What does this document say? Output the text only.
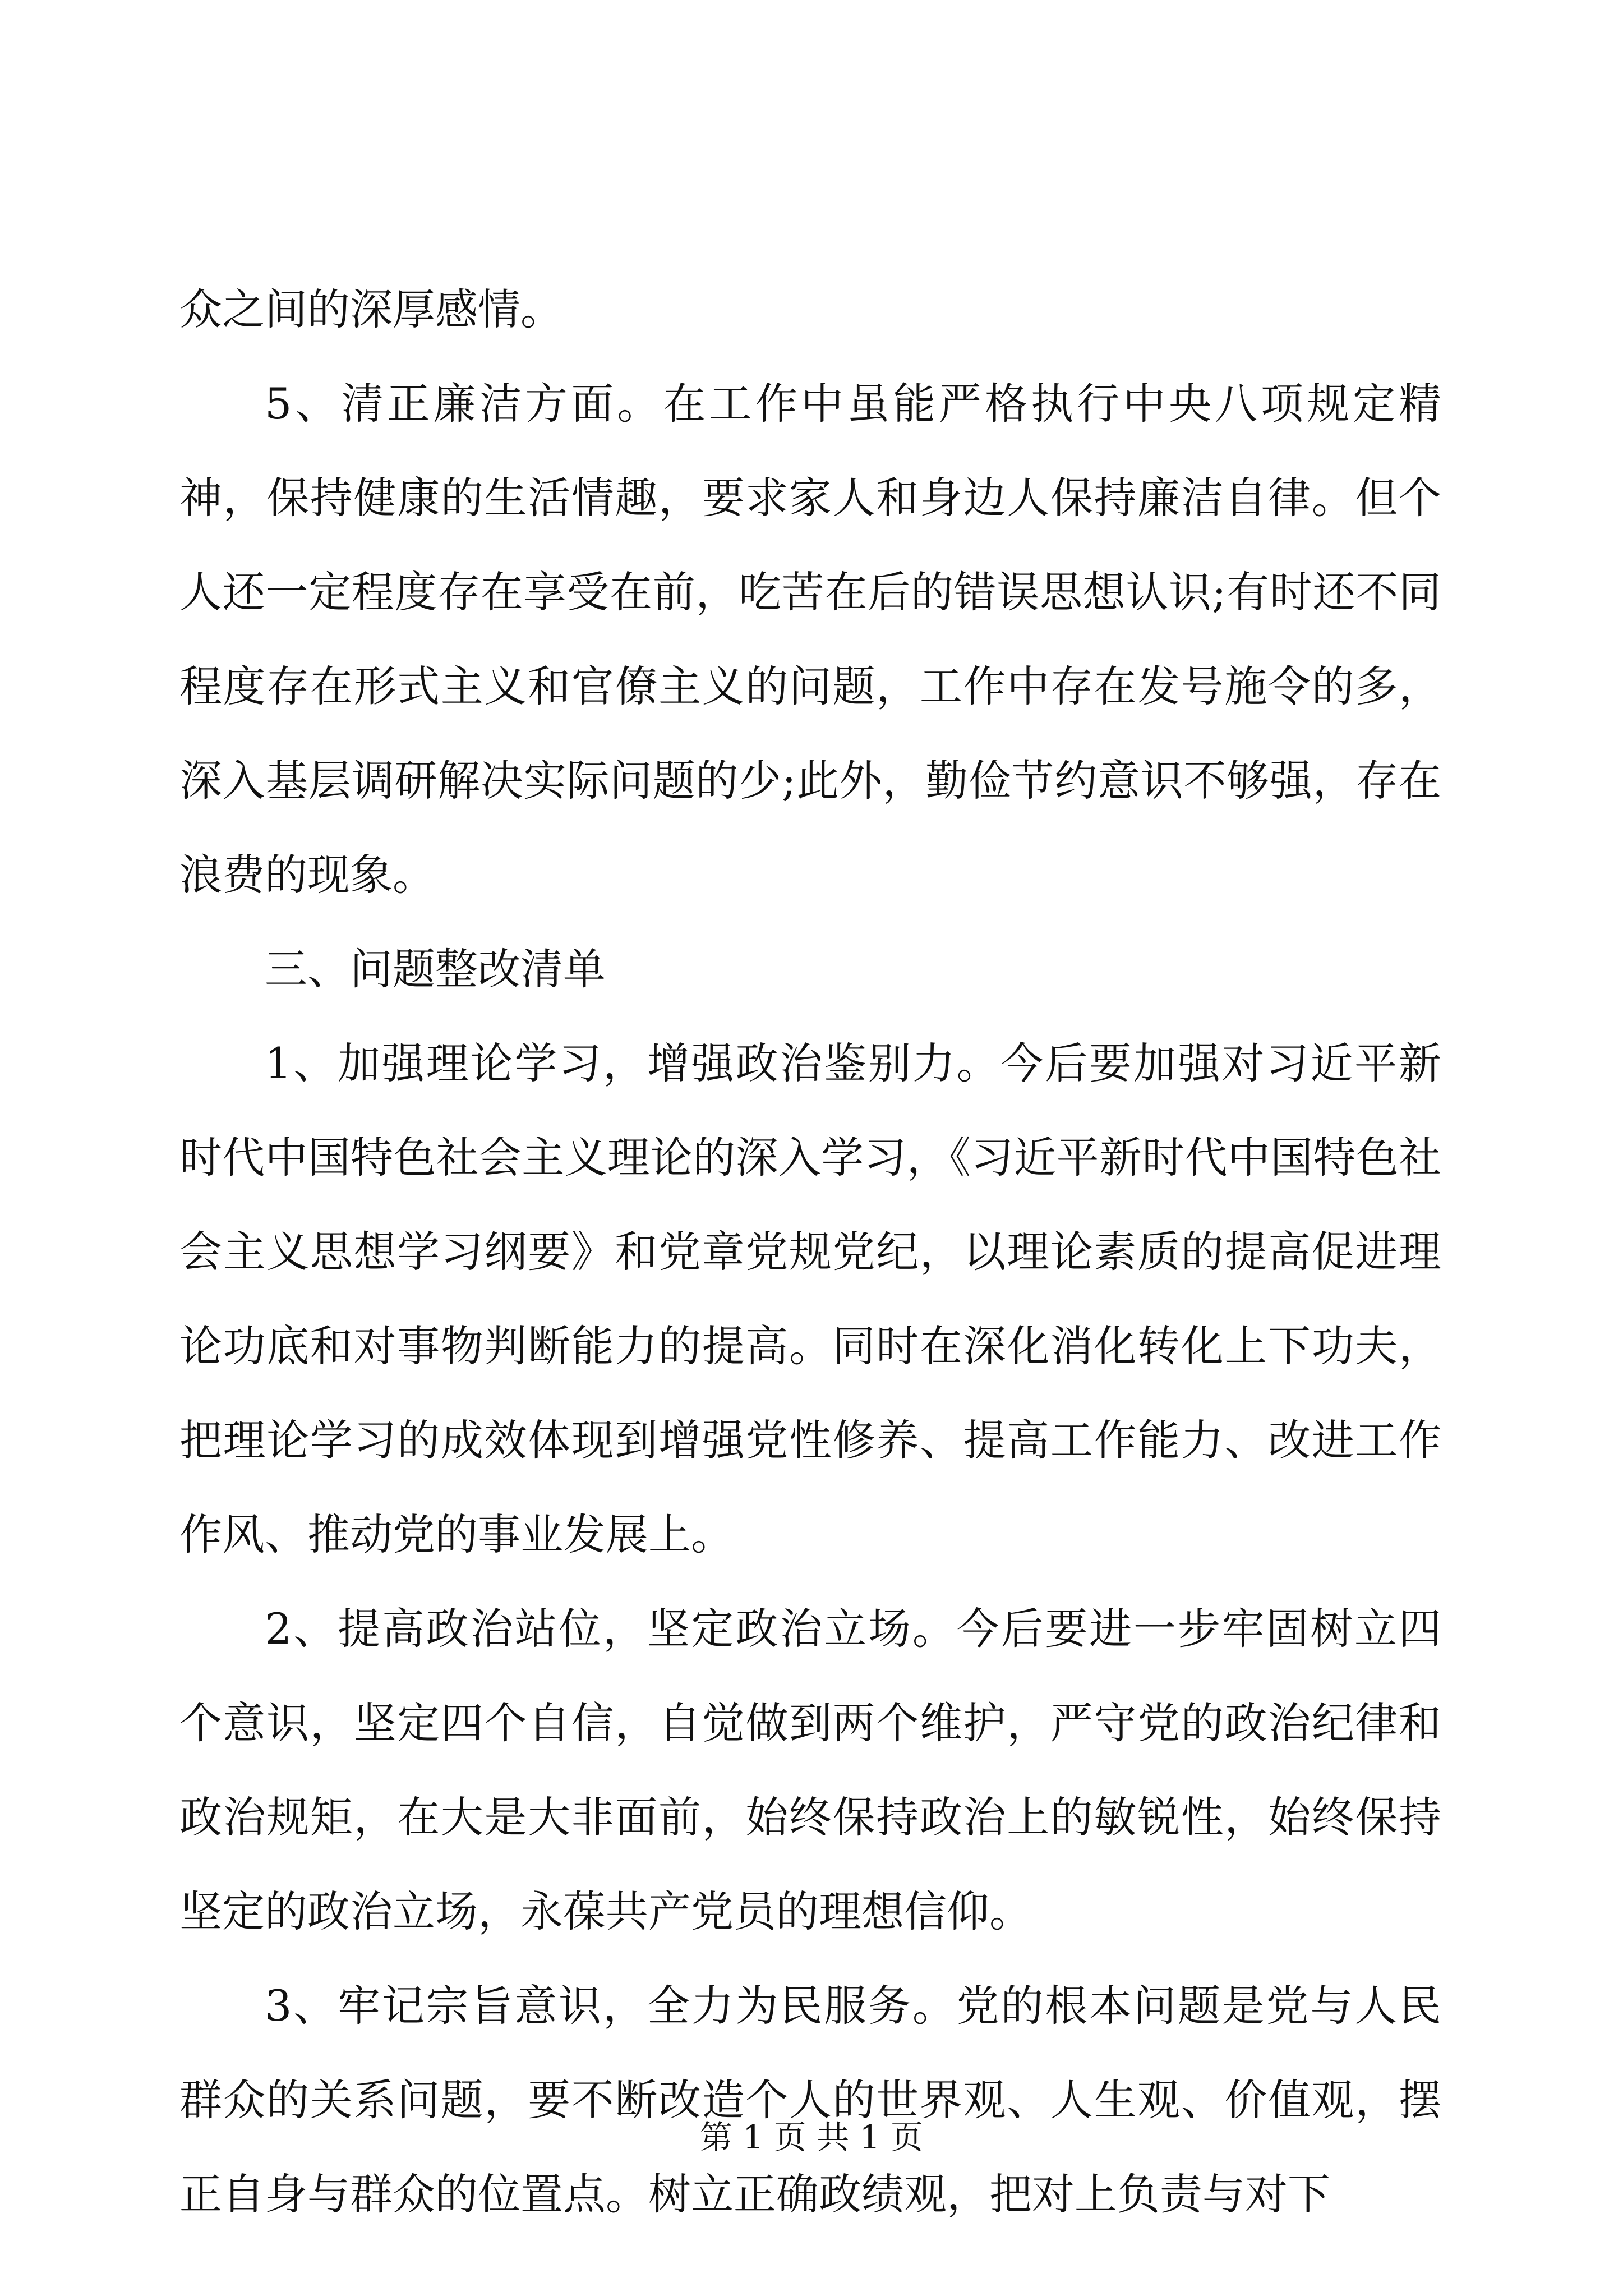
众之间的深厚感情。

5、清正廉洁方面。在工作中虽能严格执行中央八项规定精神，保持健康的生活情趣，要求家人和身边人保持廉洁自律。但个人还一定程度存在享受在前，吃苦在后的错误思想认识;有时还不同程度存在形式主义和官僚主义的问题，工作中存在发号施令的多，深入基层调研解决实际问题的少;此外，勤俭节约意识不够强，存在浪费的现象。

三、问题整改清单

1、加强理论学习，增强政治鉴别力。今后要加强对习近平新时代中国特色社会主义理论的深入学习，《习近平新时代中国特色社会主义思想学习纲要》和党章党规党纪，以理论素质的提高促进理论功底和对事物判断能力的提高。同时在深化消化转化上下功夫，把理论学习的成效体现到增强党性修养、提高工作能力、改进工作作风、推动党的事业发展上。

2、提高政治站位，坚定政治立场。今后要进一步牢固树立四个意识，坚定四个自信，自觉做到两个维护，严守党的政治纪律和政治规矩，在大是大非面前，始终保持政治上的敏锐性，始终保持坚定的政治立场，永葆共产党员的理想信仰。

3、牢记宗旨意识，全力为民服务。党的根本问题是党与人民群众的关系问题，要不断改造个人的世界观、人生观、价值观，摆正自身与群众的位置点。树立正确政绩观，把对上负责与对下

第 1 页 共 1 页
